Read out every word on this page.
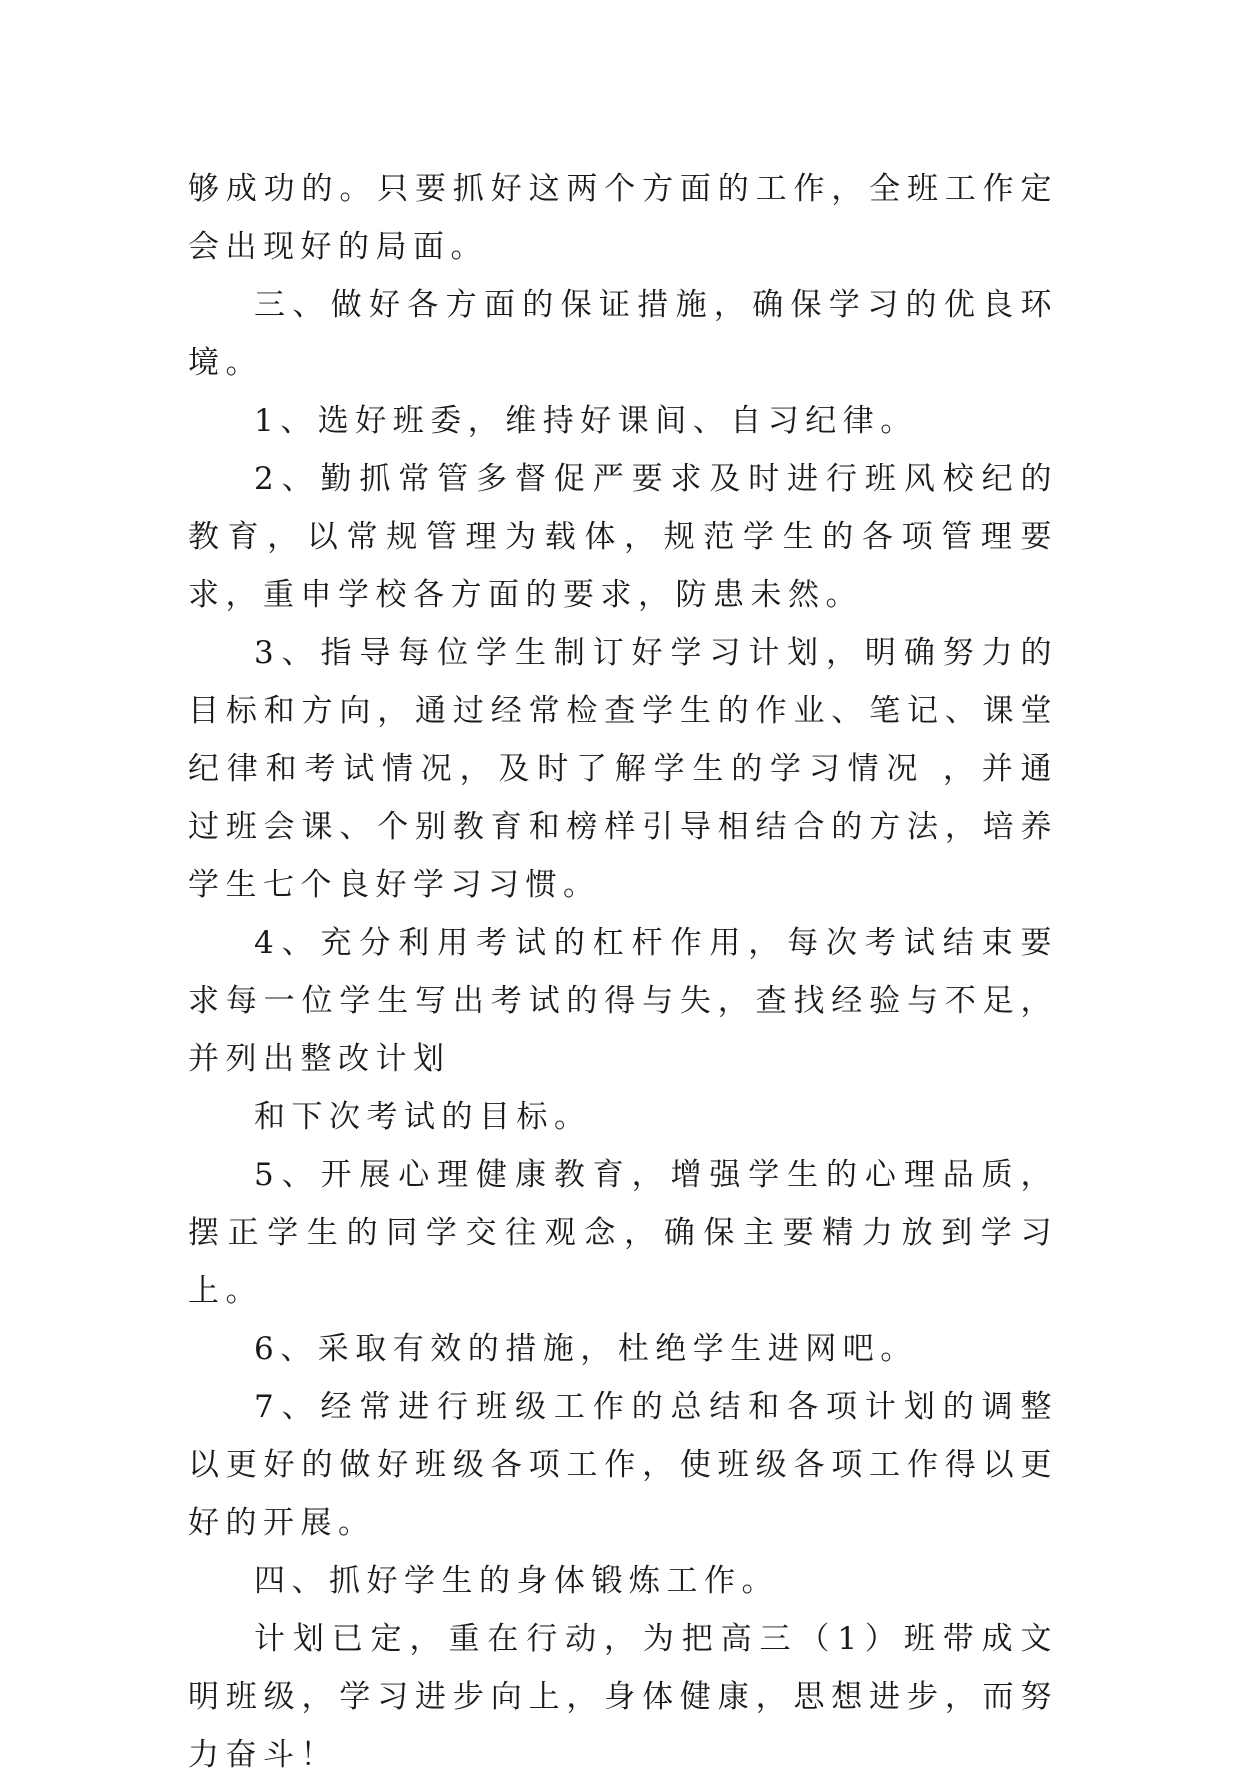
够成功的。只要抓好这两个方面的工作，全班工作定会出现好的局面。

三、做好各方面的保证措施，确保学习的优良环境。

1、选好班委，维持好课间、自习纪律。

2、勤抓常管多督促严要求及时进行班风校纪的教育，以常规管理为载体，规范学生的各项管理要求，重申学校各方面的要求，防患未然。

3、指导每位学生制订好学习计划，明确努力的目标和方向，通过经常检查学生的作业、笔记、课堂纪律和考试情况，及时了解学生的学习情况 ，并通过班会课、个别教育和榜样引导相结合的方法，培养学生七个良好学习习惯。

4、充分利用考试的杠杆作用，每次考试结束要求每一位学生写出考试的得与失，查找经验与不足，并列出整改计划

和下次考试的目标。

5、开展心理健康教育，增强学生的心理品质，摆正学生的同学交往观念，确保主要精力放到学习上。

6、采取有效的措施，杜绝学生进网吧。

7、经常进行班级工作的总结和各项计划的调整以更好的做好班级各项工作，使班级各项工作得以更好的开展。

四、抓好学生的身体锻炼工作。

计划已定，重在行动，为把高三（1）班带成文明班级，学习进步向上，身体健康，思想进步，而努力奋斗！
